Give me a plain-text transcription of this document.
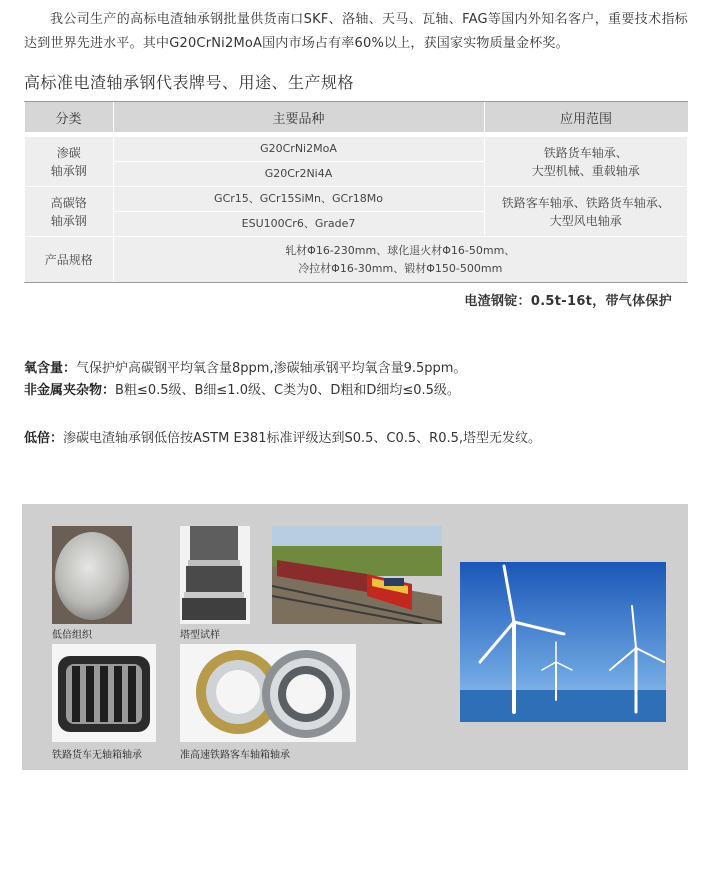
我公司生产的高标电渣轴承钢批量供货南口SKF、洛轴、天马、瓦轴、FAG等国内外知名客户，重要技术指标达到世界先进水平。其中G20CrNi2MoA国内市场占有率60%以上，获国家实物质量金杯奖。
高标准电渣轴承钢代表牌号、用途、生产规格
分类	主要品种	应用范围

渗碳
轴承钢	G20CrNi2MoA	铁路货车轴承、
大型机械、重载轴承
	G20Cr2Ni4A	
高碳铬
轴承钢	GCr15、GCr15SiMn、GCr18Mo	铁路客车轴承、铁路货车轴承、
大型风电轴承
	ESU100Cr6、Grade7	
产品规格	轧材Φ16-230mm、球化退火材Φ16-50mm、
冷拉材Φ16-30mm、锻材Φ150-500mm	
电渣钢锭：0.5t-16t，带气体保护
氧含量：气保护炉高碳钢平均氧含量8ppm,渗碳轴承钢平均氧含量9.5ppm。
非金属夹杂物：B粗≤0.5级、B细≤1.0级、C类为0、D粗和D细均≤0.5级。
低倍：渗碳电渣轴承钢低倍按ASTM E381标准评级达到S0.5、C0.5、R0.5,塔型无发纹。
低倍组织	塔型试样
铁路货车无轴箱轴承	准高速铁路客车轴箱轴承
